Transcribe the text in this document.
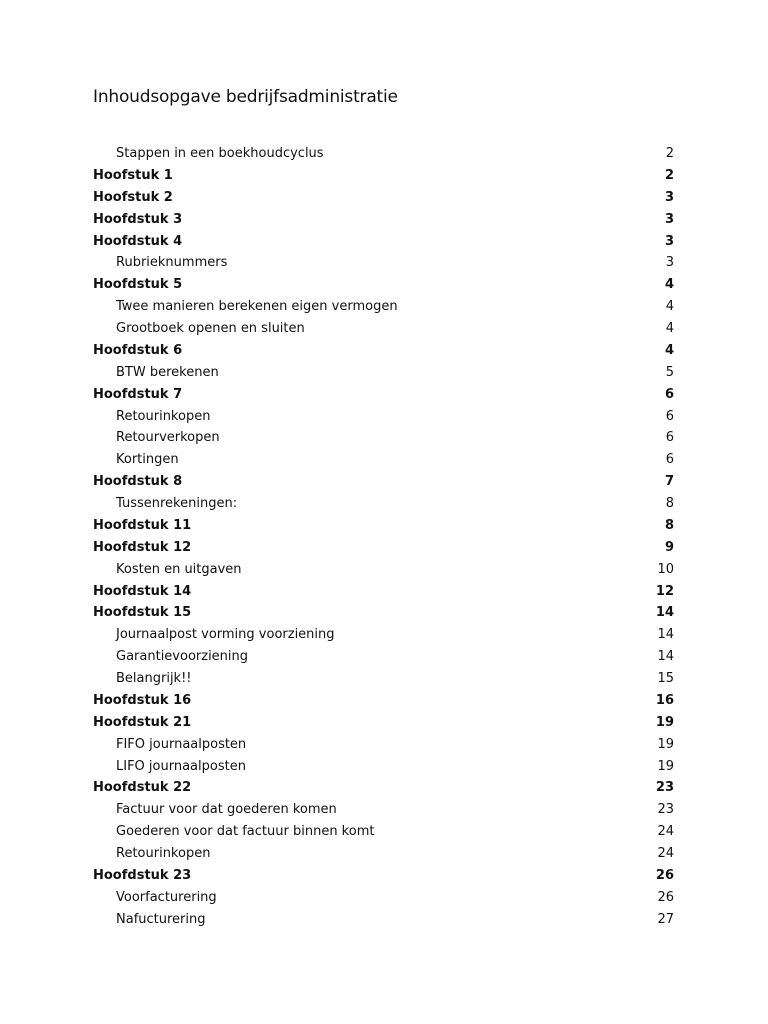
Inhoudsopgave bedrijfsadministratie
Stappen in een boekhoudcyclus	2
Hoofstuk 1	2
Hoofstuk 2	3
Hoofdstuk 3	3
Hoofdstuk 4	3
Rubrieknummers	3
Hoofdstuk 5	4
Twee manieren berekenen eigen vermogen	4
Grootboek openen en sluiten	4
Hoofdstuk 6	4
BTW berekenen	5
Hoofdstuk 7	6
Retourinkopen	6
Retourverkopen	6
Kortingen	6
Hoofdstuk 8	7
Tussenrekeningen:	8
Hoofdstuk 11	8
Hoofdstuk 12	9
Kosten en uitgaven	10
Hoofdstuk 14	12
Hoofdstuk 15	14
Journaalpost vorming voorziening	14
Garantievoorziening	14
Belangrijk!!	15
Hoofdstuk 16	16
Hoofdstuk 21	19
FIFO journaalposten	19
LIFO journaalposten	19
Hoofdstuk 22	23
Factuur voor dat goederen komen	23
Goederen voor dat factuur binnen komt	24
Retourinkopen	24
Hoofdstuk 23	26
Voorfacturering	26
Nafucturering	27
